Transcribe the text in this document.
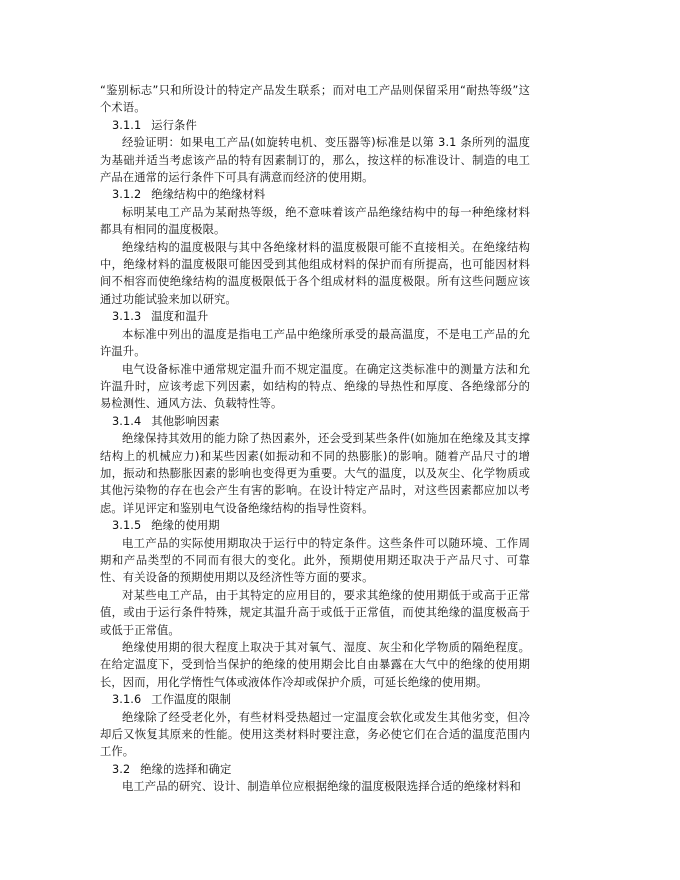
“鉴别标志”只和所设计的特定产品发生联系；而对电工产品则保留采用“耐热等级”这个术语。

3.1.1 运行条件

经验证明：如果电工产品(如旋转电机、变压器等)标准是以第 3.1 条所列的温度为基础并适当考虑该产品的特有因素制订的，那么，按这样的标准设计、制造的电工产品在通常的运行条件下可具有满意而经济的使用期。

3.1.2 绝缘结构中的绝缘材料

标明某电工产品为某耐热等级，绝不意味着该产品绝缘结构中的每一种绝缘材料都具有相同的温度极限。

绝缘结构的温度极限与其中各绝缘材料的温度极限可能不直接相关。在绝缘结构中，绝缘材料的温度极限可能因受到其他组成材料的保护而有所提高，也可能因材料间不相容而使绝缘结构的温度极限低于各个组成材料的温度极限。所有这些问题应该通过功能试验来加以研究。

3.1.3 温度和温升

本标准中列出的温度是指电工产品中绝缘所承受的最高温度，不是电工产品的允许温升。

电气设备标准中通常规定温升而不规定温度。在确定这类标准中的测量方法和允许温升时，应该考虑下列因素，如结构的特点、绝缘的导热性和厚度、各绝缘部分的易检测性、通风方法、负载特性等。

3.1.4 其他影响因素

绝缘保持其效用的能力除了热因素外，还会受到某些条件(如施加在绝缘及其支撑结构上的机械应力)和某些因素(如振动和不同的热膨胀)的影响。随着产品尺寸的增加，振动和热膨胀因素的影响也变得更为重要。大气的温度，以及灰尘、化学物质或其他污染物的存在也会产生有害的影响。在设计特定产品时，对这些因素都应加以考虑。详见评定和鉴别电气设备绝缘结构的指导性资料。

3.1.5 绝缘的使用期

电工产品的实际使用期取决于运行中的特定条件。这些条件可以随环境、工作周期和产品类型的不同而有很大的变化。此外，预期使用期还取决于产品尺寸、可靠性、有关设备的预期使用期以及经济性等方面的要求。

对某些电工产品，由于其特定的应用目的，要求其绝缘的使用期低于或高于正常值，或由于运行条件特殊，规定其温升高于或低于正常值，而使其绝缘的温度极高于或低于正常值。

绝缘使用期的很大程度上取决于其对氧气、湿度、灰尘和化学物质的隔绝程度。在给定温度下，受到恰当保护的绝缘的使用期会比自由暴露在大气中的绝缘的使用期长，因而，用化学惰性气体或液体作冷却或保护介质，可延长绝缘的使用期。

3.1.6 工作温度的限制

绝缘除了经受老化外，有些材料受热超过一定温度会软化或发生其他劣变，但冷却后又恢复其原来的性能。使用这类材料时要注意，务必使它们在合适的温度范围内工作。

3.2 绝缘的选择和确定

电工产品的研究、设计、制造单位应根据绝缘的温度极限选择合适的绝缘材料和
